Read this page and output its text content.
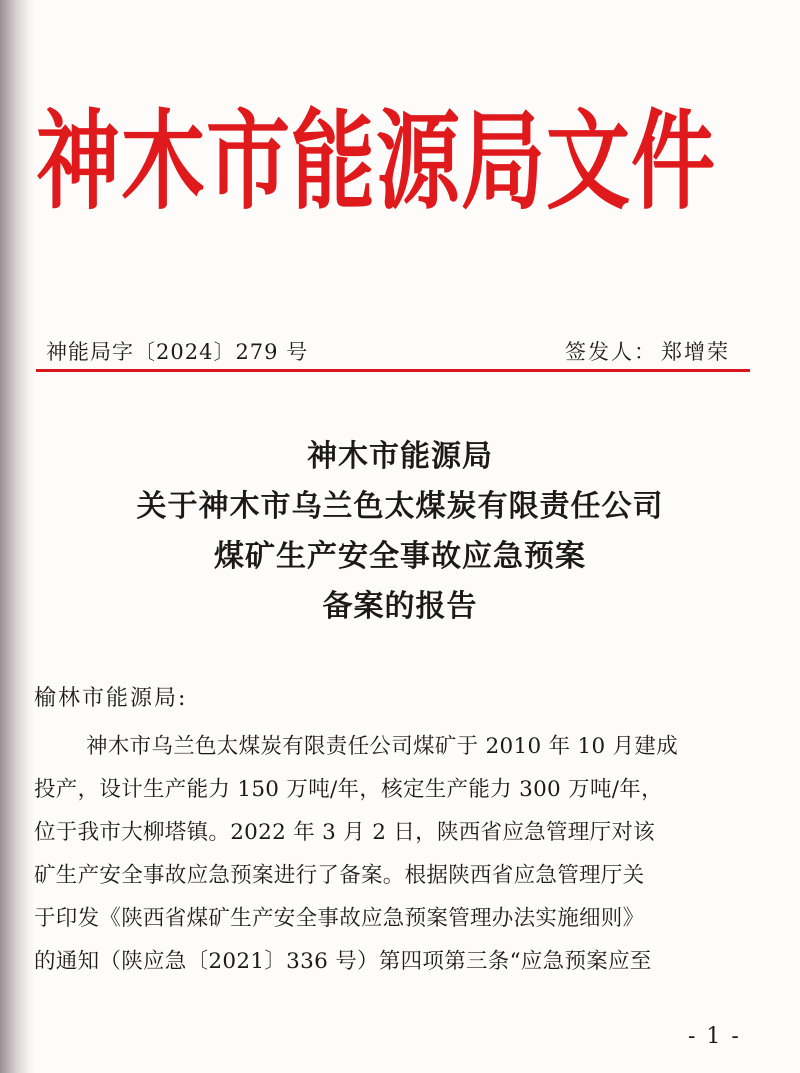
神木市能源局文件
神能局字〔2024〕279 号	签发人： 郑增荣
神木市能源局
关于神木市乌兰色太煤炭有限责任公司
煤矿生产安全事故应急预案
备案的报告
榆林市能源局:
神木市乌兰色太煤炭有限责任公司煤矿于 2010 年 10 月建成
投产，设计生产能力 150 万吨/年，核定生产能力 300 万吨/年，
位于我市大柳塔镇。2022 年 3 月 2 日，陕西省应急管理厅对该
矿生产安全事故应急预案进行了备案。根据陕西省应急管理厅关
于印发《陕西省煤矿生产安全事故应急预案管理办法实施细则》
的通知（陕应急〔2021〕336 号）第四项第三条“应急预案应至
- 1 -
